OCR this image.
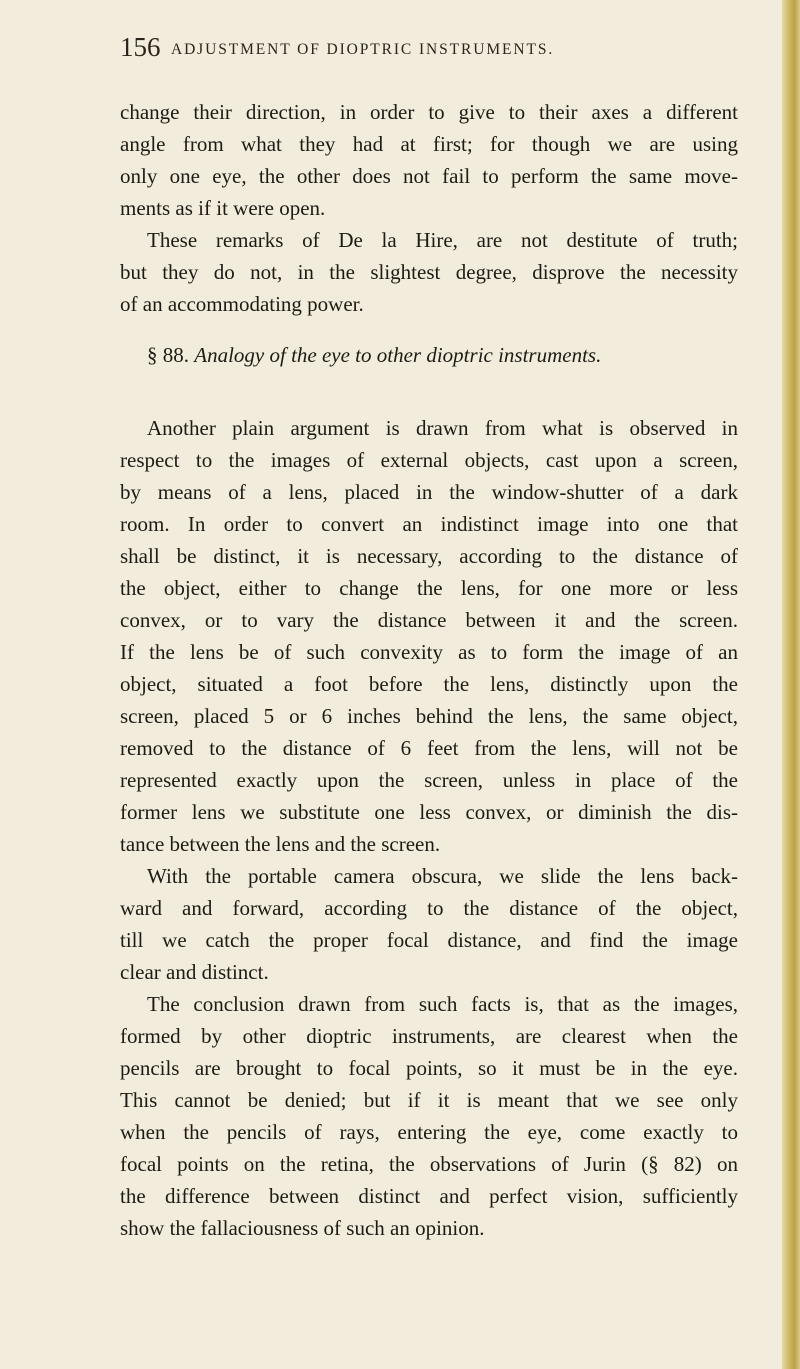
156 ADJUSTMENT OF DIOPTRIC INSTRUMENTS.
change their direction, in order to give to their axes a different
angle from what they had at first; for though we are using
only one eye, the other does not fail to perform the same move-
ments as if it were open.
These remarks of De la Hire, are not destitute of truth;
but they do not, in the slightest degree, disprove the necessity
of an accommodating power.
§ 88. Analogy of the eye to other dioptric instruments.
Another plain argument is drawn from what is observed in
respect to the images of external objects, cast upon a screen,
by means of a lens, placed in the window-shutter of a dark
room. In order to convert an indistinct image into one that
shall be distinct, it is necessary, according to the distance of
the object, either to change the lens, for one more or less
convex, or to vary the distance between it and the screen.
If the lens be of such convexity as to form the image of an
object, situated a foot before the lens, distinctly upon the
screen, placed 5 or 6 inches behind the lens, the same object,
removed to the distance of 6 feet from the lens, will not be
represented exactly upon the screen, unless in place of the
former lens we substitute one less convex, or diminish the dis-
tance between the lens and the screen.
With the portable camera obscura, we slide the lens back-
ward and forward, according to the distance of the object,
till we catch the proper focal distance, and find the image
clear and distinct.
The conclusion drawn from such facts is, that as the images,
formed by other dioptric instruments, are clearest when the
pencils are brought to focal points, so it must be in the eye.
This cannot be denied; but if it is meant that we see only
when the pencils of rays, entering the eye, come exactly to
focal points on the retina, the observations of Jurin (§ 82) on
the difference between distinct and perfect vision, sufficiently
show the fallaciousness of such an opinion.
